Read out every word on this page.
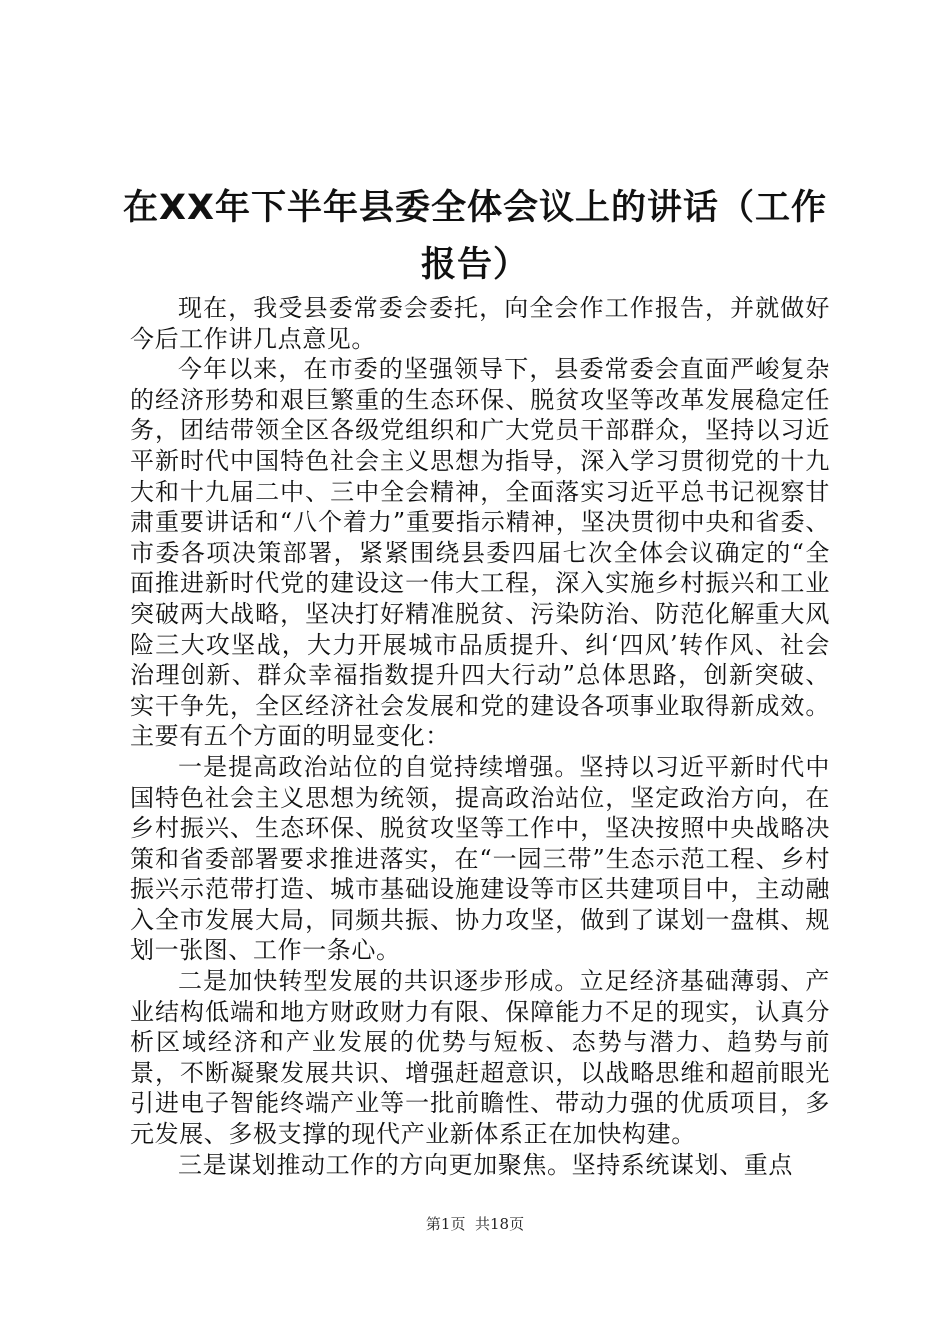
在XX年下半年县委全体会议上的讲话（工作报告）

现在，我受县委常委会委托，向全会作工作报告，并就做好今后工作讲几点意见。

今年以来，在市委的坚强领导下，县委常委会直面严峻复杂的经济形势和艰巨繁重的生态环保、脱贫攻坚等改革发展稳定任务，团结带领全区各级党组织和广大党员干部群众，坚持以习近平新时代中国特色社会主义思想为指导，深入学习贯彻党的十九大和十九届二中、三中全会精神，全面落实习近平总书记视察甘肃重要讲话和“八个着力”重要指示精神，坚决贯彻中央和省委、市委各项决策部署，紧紧围绕县委四届七次全体会议确定的“全面推进新时代党的建设这一伟大工程，深入实施乡村振兴和工业突破两大战略，坚决打好精准脱贫、污染防治、防范化解重大风险三大攻坚战，大力开展城市品质提升、纠‘四风’转作风、社会治理创新、群众幸福指数提升四大行动”总体思路，创新突破、实干争先，全区经济社会发展和党的建设各项事业取得新成效。主要有五个方面的明显变化：

一是提高政治站位的自觉持续增强。坚持以习近平新时代中国特色社会主义思想为统领，提高政治站位，坚定政治方向，在乡村振兴、生态环保、脱贫攻坚等工作中，坚决按照中央战略决策和省委部署要求推进落实，在“一园三带”生态示范工程、乡村振兴示范带打造、城市基础设施建设等市区共建项目中，主动融入全市发展大局，同频共振、协力攻坚，做到了谋划一盘棋、规划一张图、工作一条心。

二是加快转型发展的共识逐步形成。立足经济基础薄弱、产业结构低端和地方财政财力有限、保障能力不足的现实，认真分析区域经济和产业发展的优势与短板、态势与潜力、趋势与前景，不断凝聚发展共识、增强赶超意识，以战略思维和超前眼光引进电子智能终端产业等一批前瞻性、带动力强的优质项目，多元发展、多极支撑的现代产业新体系正在加快构建。

三是谋划推动工作的方向更加聚焦。坚持系统谋划、重点

第1页 共18页
